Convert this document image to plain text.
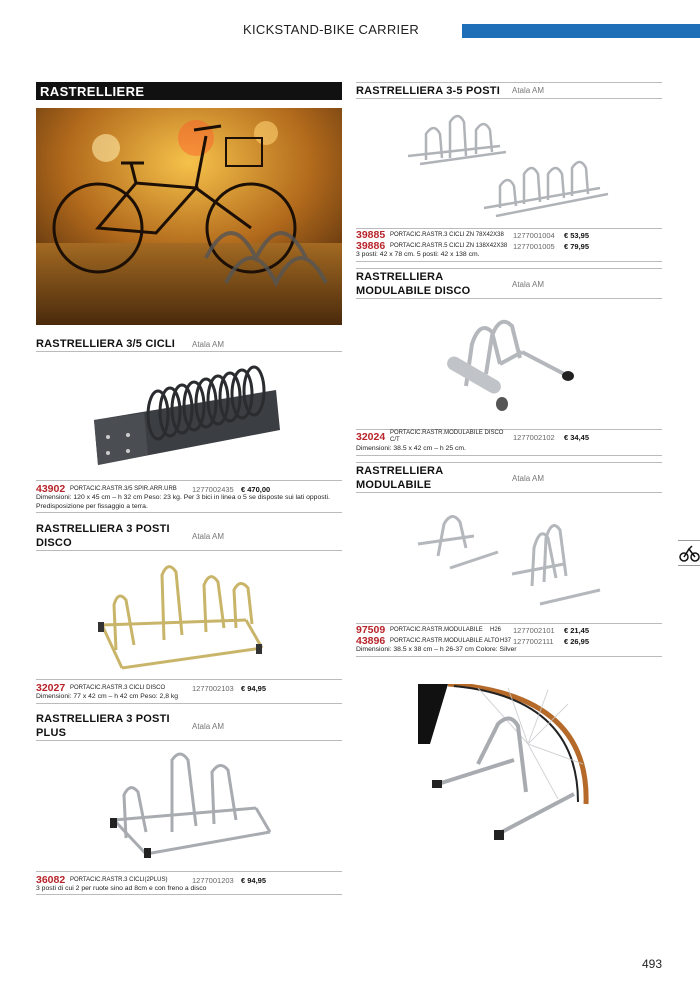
KICKSTAND-BIKE CARRIER
RASTRELLIERE
RASTRELLIERA 3/5 CICLI Atala AM
43902 PORTACIC.RASTR.3/5 SPIR.ARR.URB 1277002435 € 470,00
Dimensioni: 120 x 45 cm – h 32 cm Peso: 23 kg. Per 3 bici in linea o 5 se disposte sui lati opposti.
Predisposizione per fissaggio a terra.
RASTRELLIERA 3 POSTI
DISCO
Atala AM
32027 PORTACIC.RASTR.3 CICLI DISCO	1277002103 € 94,95
Dimensioni: 77 x 42 cm – h 42 cm Peso: 2,8 kg
RASTRELLIERA 3 POSTI
PLUS
Atala AM
36082 PORTACIC.RASTR.3 CICLI(2PLUS)	1277001203 € 94,95
3 posti di cui 2 per ruote sino ad 8cm e con freno a disco
RASTRELLIERA 3-5 POSTI Atala AM
39885 PORTACIC.RASTR.3 CICLI ZN 78X42X38 1277001004 € 53,95
39886 PORTACIC.RASTR.5 CICLI ZN 138X42X38 1277001005 € 79,95
3 posti: 42 x 78 cm. 5 posti: 42 x 138 cm.
RASTRELLIERA
MODULABILE DISCO
Atala AM
32024 PORTACIC.RASTR.MODULABILE DISCO
C/T	1277002102 € 34,45
Dimensioni: 38.5 x 42 cm – h 25 cm.
RASTRELLIERA
MODULABILE
Atala AM
97509 PORTACIC.RASTR.MODULABILE H26 1277002101 € 21,45
43896 PORTACIC.RASTR.MODULABILE ALTO H37 1277002111 € 26,95
Dimensioni: 38.5 x 38 cm – h 26-37 cm Colore: Silver
493
